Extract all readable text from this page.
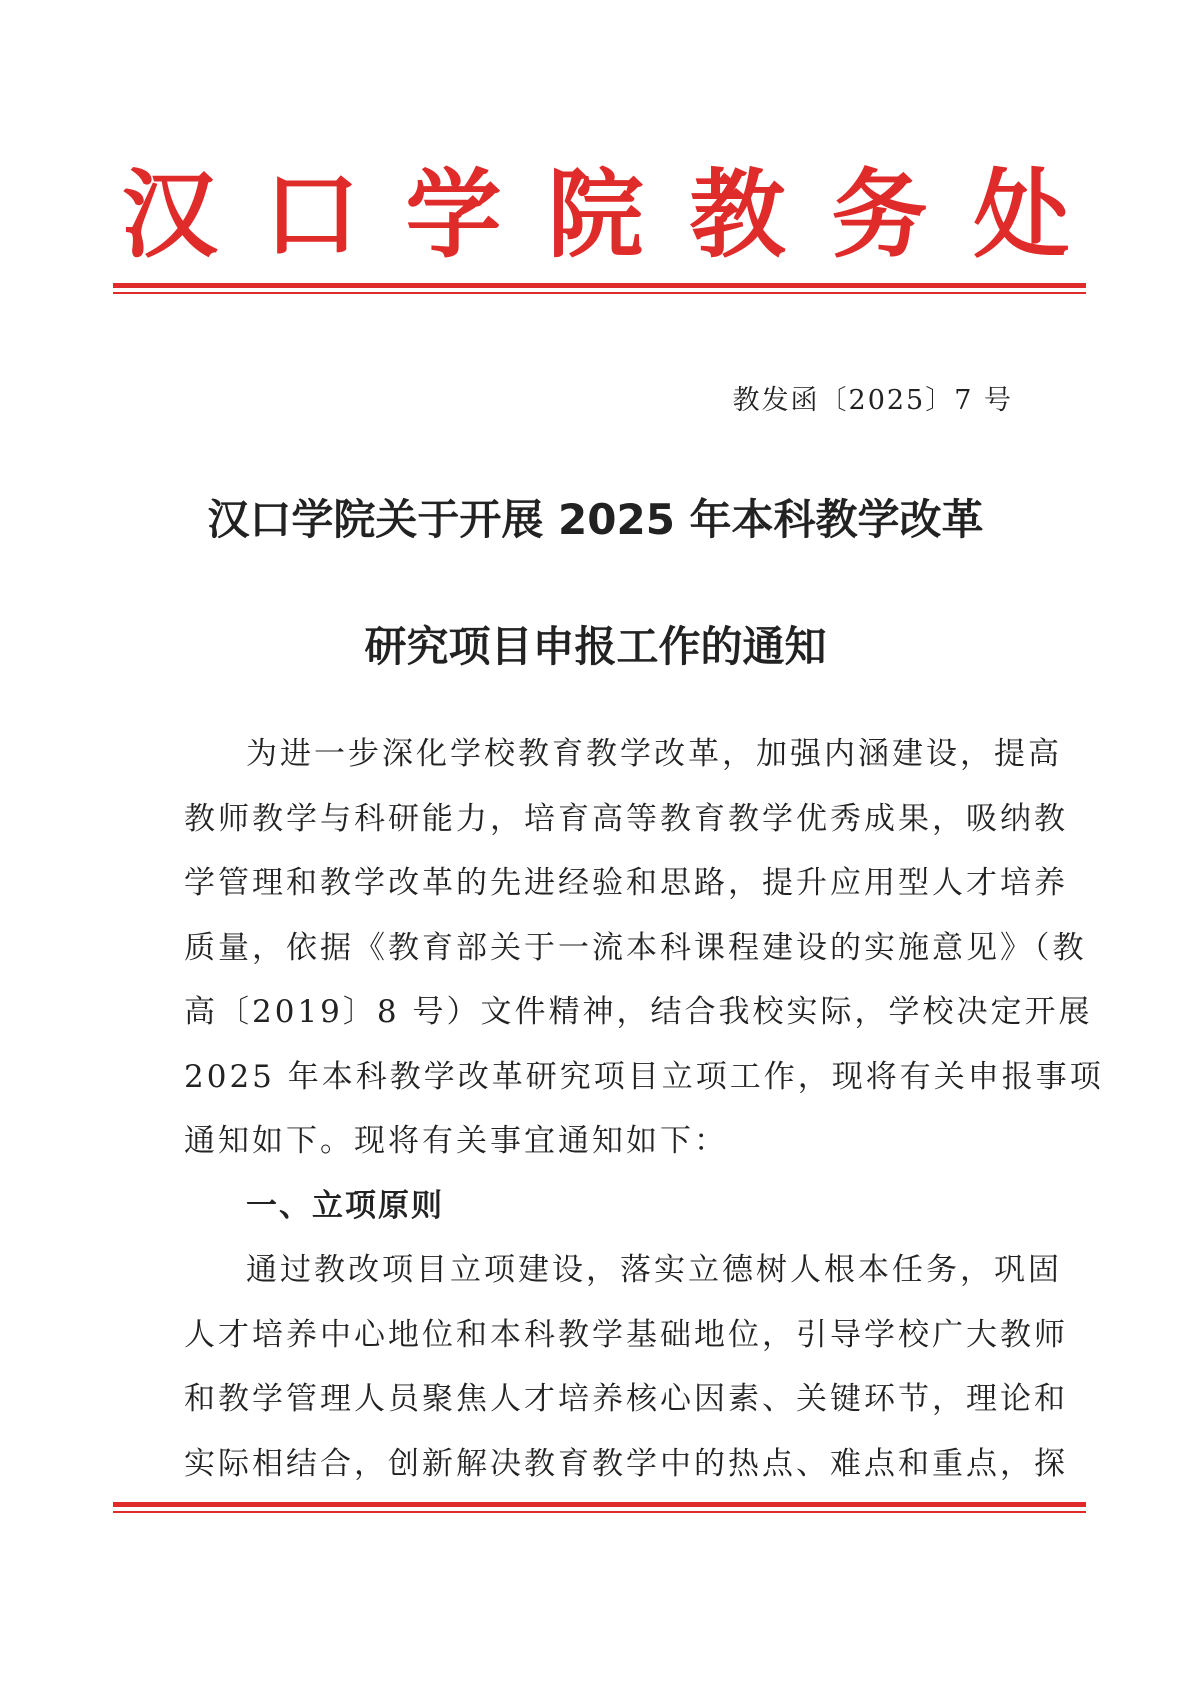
汉口学院教务处
教发函〔2025〕7 号
汉口学院关于开展 2025 年本科教学改革
研究项目申报工作的通知
为进一步深化学校教育教学改革，加强内涵建设，提高
教师教学与科研能力，培育高等教育教学优秀成果，吸纳教
学管理和教学改革的先进经验和思路，提升应用型人才培养
质量，依据《教育部关于一流本科课程建设的实施意见》（教
高〔2019〕8 号）文件精神，结合我校实际，学校决定开展
2025 年本科教学改革研究项目立项工作，现将有关申报事项
通知如下。现将有关事宜通知如下：
一、立项原则
通过教改项目立项建设，落实立德树人根本任务，巩固
人才培养中心地位和本科教学基础地位，引导学校广大教师
和教学管理人员聚焦人才培养核心因素、关键环节，理论和
实际相结合，创新解决教育教学中的热点、难点和重点，探
